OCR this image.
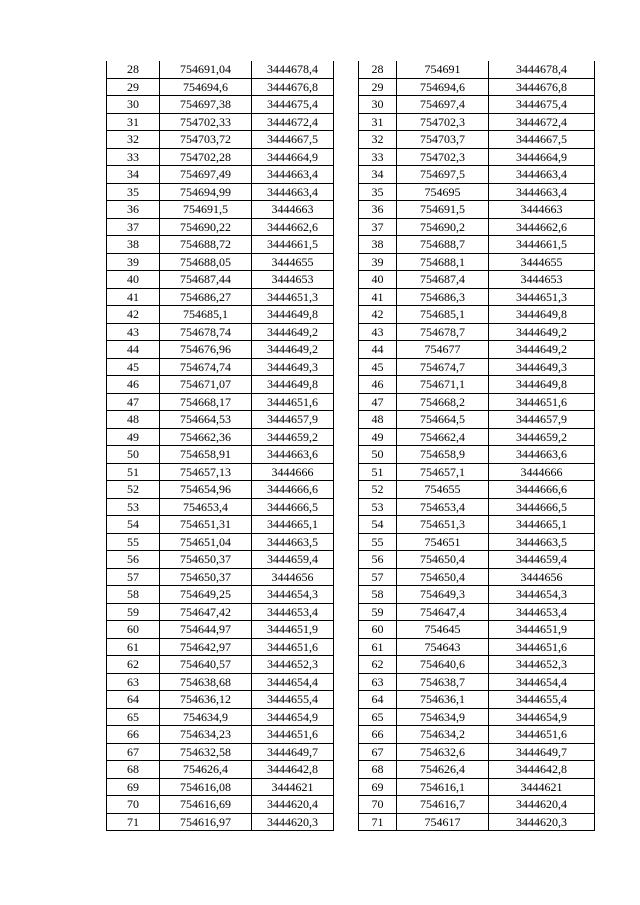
28	754691,04	3444678,4
29	754694,6	3444676,8
30	754697,38	3444675,4
31	754702,33	3444672,4
32	754703,72	3444667,5
33	754702,28	3444664,9
34	754697,49	3444663,4
35	754694,99	3444663,4
36	754691,5	3444663
37	754690,22	3444662,6
38	754688,72	3444661,5
39	754688,05	3444655
40	754687,44	3444653
41	754686,27	3444651,3
42	754685,1	3444649,8
43	754678,74	3444649,2
44	754676,96	3444649,2
45	754674,74	3444649,3
46	754671,07	3444649,8
47	754668,17	3444651,6
48	754664,53	3444657,9
49	754662,36	3444659,2
50	754658,91	3444663,6
51	754657,13	3444666
52	754654,96	3444666,6
53	754653,4	3444666,5
54	754651,31	3444665,1
55	754651,04	3444663,5
56	754650,37	3444659,4
57	754650,37	3444656
58	754649,25	3444654,3
59	754647,42	3444653,4
60	754644,97	3444651,9
61	754642,97	3444651,6
62	754640,57	3444652,3
63	754638,68	3444654,4
64	754636,12	3444655,4
65	754634,9	3444654,9
66	754634,23	3444651,6
67	754632,58	3444649,7
68	754626,4	3444642,8
69	754616,08	3444621
70	754616,69	3444620,4
71	754616,97	3444620,3
28	754691	3444678,4
29	754694,6	3444676,8
30	754697,4	3444675,4
31	754702,3	3444672,4
32	754703,7	3444667,5
33	754702,3	3444664,9
34	754697,5	3444663,4
35	754695	3444663,4
36	754691,5	3444663
37	754690,2	3444662,6
38	754688,7	3444661,5
39	754688,1	3444655
40	754687,4	3444653
41	754686,3	3444651,3
42	754685,1	3444649,8
43	754678,7	3444649,2
44	754677	3444649,2
45	754674,7	3444649,3
46	754671,1	3444649,8
47	754668,2	3444651,6
48	754664,5	3444657,9
49	754662,4	3444659,2
50	754658,9	3444663,6
51	754657,1	3444666
52	754655	3444666,6
53	754653,4	3444666,5
54	754651,3	3444665,1
55	754651	3444663,5
56	754650,4	3444659,4
57	754650,4	3444656
58	754649,3	3444654,3
59	754647,4	3444653,4
60	754645	3444651,9
61	754643	3444651,6
62	754640,6	3444652,3
63	754638,7	3444654,4
64	754636,1	3444655,4
65	754634,9	3444654,9
66	754634,2	3444651,6
67	754632,6	3444649,7
68	754626,4	3444642,8
69	754616,1	3444621
70	754616,7	3444620,4
71	754617	3444620,3
